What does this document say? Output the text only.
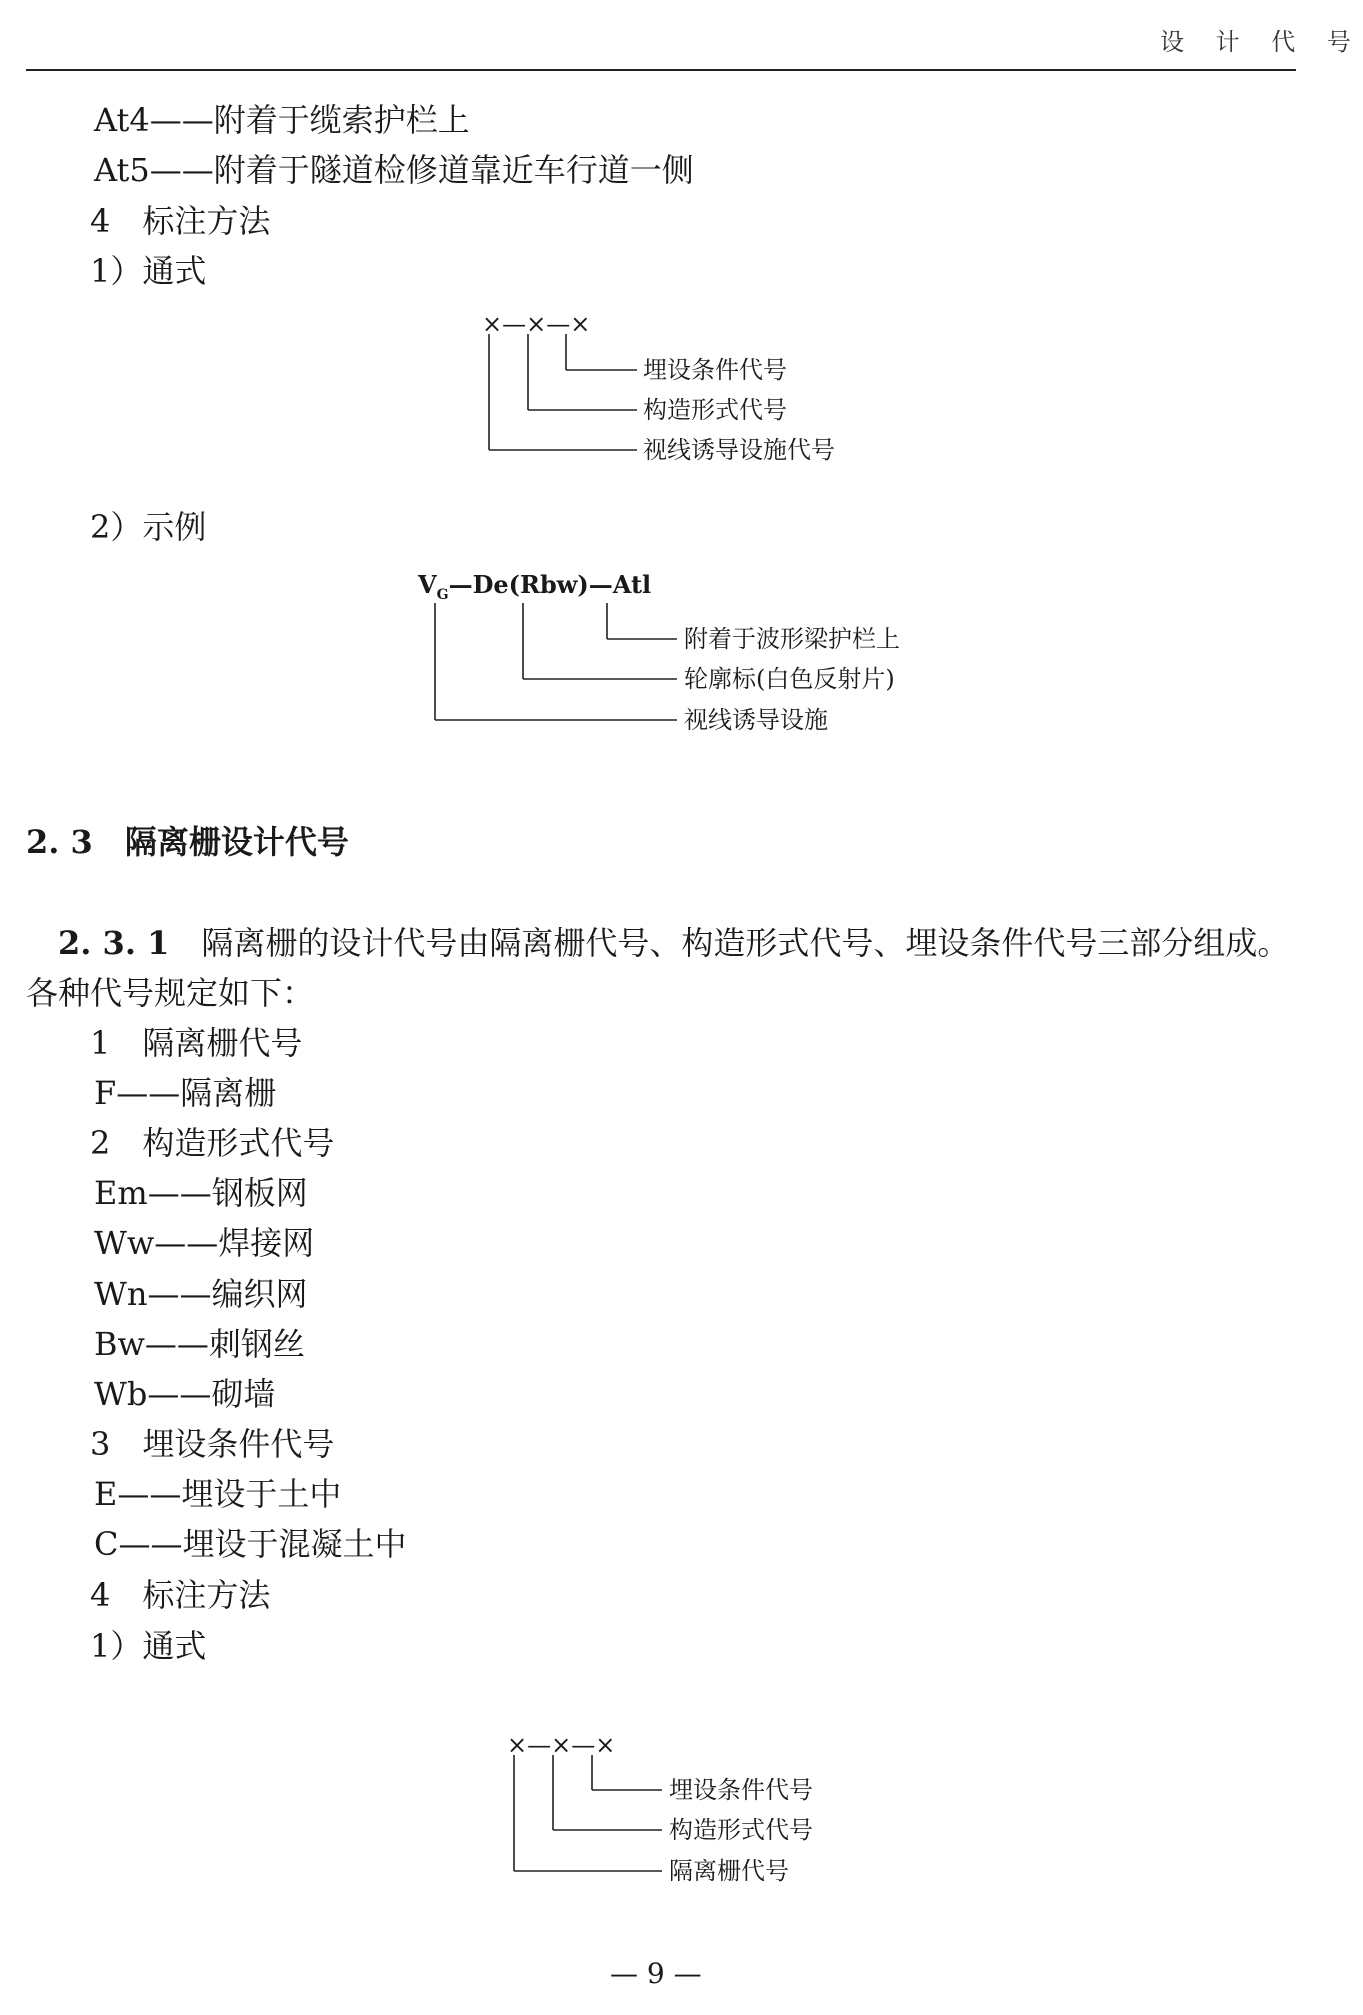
设 计 代 号
At4——附着于缆索护栏上
At5——附着于隧道检修道靠近车行道一侧
4　标注方法
1）通式
×—×—×
埋设条件代号
构造形式代号
视线诱导设施代号
2）示例
$V_G—De(Rbw)—Atl$
附着于波形梁护栏上
轮廓标(白色反射片)
视线诱导设施
2. 3　隔离栅设计代号
2. 3. 1　 隔离栅的设计代号由隔离栅代号、构造形式代号、埋设条件代号三部分组成。
各种代号规定如下：
1　隔离栅代号
F——隔离栅
2　构造形式代号
Em——钢板网
Ww——焊接网
Wn——编织网
Bw——刺钢丝
Wb——砌墙
3　埋设条件代号
E——埋设于土中
C——埋设于混凝土中
4　标注方法
1）通式
×—×—×
埋设条件代号
构造形式代号
隔离栅代号
— 9 —
